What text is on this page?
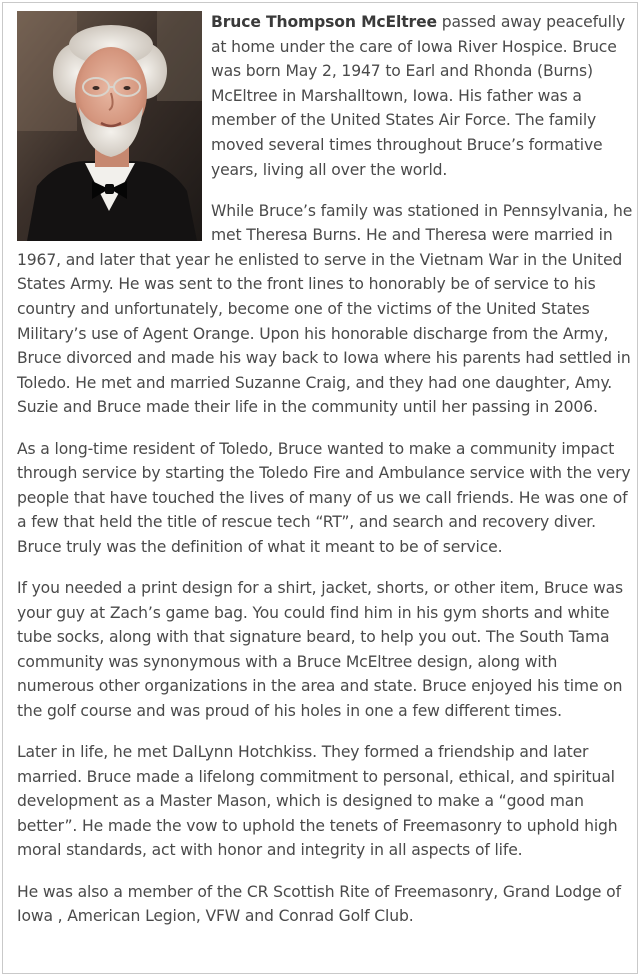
Bruce Thompson McEltree passed away peacefully at home under the care of Iowa River Hospice. Bruce was born May 2, 1947 to Earl and Rhonda (Burns) McEltree in Marshalltown, Iowa. His father was a member of the United States Air Force. The family moved several times throughout Bruce’s formative years, living all over the world.

While Bruce’s family was stationed in Pennsylvania, he met Theresa Burns. He and Theresa were married in 1967, and later that year he enlisted to serve in the Vietnam War in the United States Army. He was sent to the front lines to honorably be of service to his country and unfortunately, become one of the victims of the United States Military’s use of Agent Orange. Upon his honorable discharge from the Army, Bruce divorced and made his way back to Iowa where his parents had settled in Toledo. He met and married Suzanne Craig, and they had one daughter, Amy. Suzie and Bruce made their life in the community until her passing in 2006.

As a long-time resident of Toledo, Bruce wanted to make a community impact through service by starting the Toledo Fire and Ambulance service with the very people that have touched the lives of many of us we call friends. He was one of a few that held the title of rescue tech “RT”, and search and recovery diver. Bruce truly was the definition of what it meant to be of service.

If you needed a print design for a shirt, jacket, shorts, or other item, Bruce was your guy at Zach’s game bag. You could find him in his gym shorts and white tube socks, along with that signature beard, to help you out. The South Tama community was synonymous with a Bruce McEltree design, along with numerous other organizations in the area and state. Bruce enjoyed his time on the golf course and was proud of his holes in one a few different times.

Later in life, he met DalLynn Hotchkiss. They formed a friendship and later married. Bruce made a lifelong commitment to personal, ethical, and spiritual development as a Master Mason, which is designed to make a “good man better”. He made the vow to uphold the tenets of Freemasonry to uphold high moral standards, act with honor and integrity in all aspects of life.

He was also a member of the CR Scottish Rite of Freemasonry, Grand Lodge of Iowa , American Legion, VFW and Conrad Golf Club.
